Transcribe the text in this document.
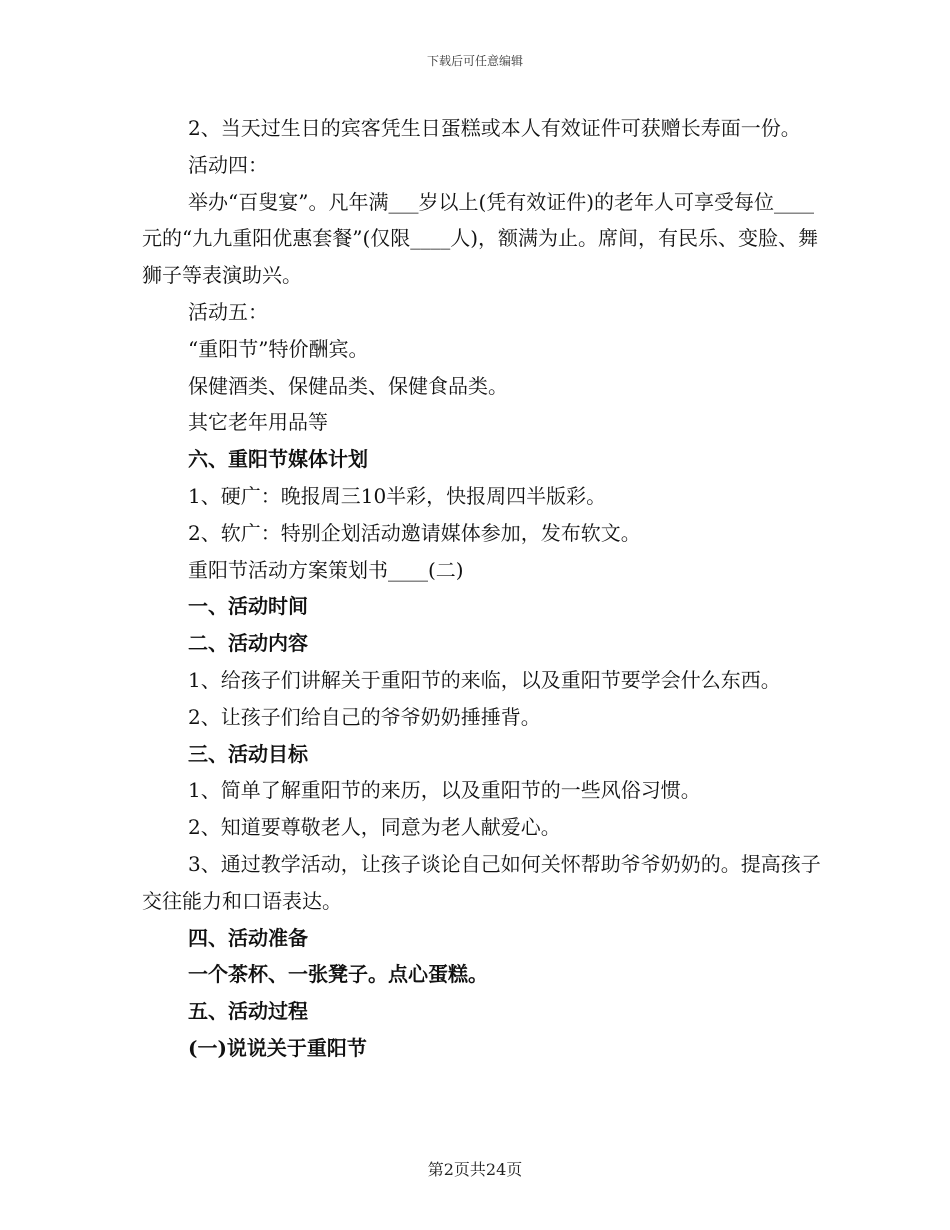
下载后可任意编辑

2、当天过生日的宾客凭生日蛋糕或本人有效证件可获赠长寿面一份。

活动四：

举办“百叟宴”。凡年满___岁以上(凭有效证件)的老年人可享受每位____元的“九九重阳优惠套餐”(仅限____人)，额满为止。席间，有民乐、变脸、舞狮子等表演助兴。

活动五：

“重阳节”特价酬宾。

保健酒类、保健品类、保健食品类。

其它老年用品等

六、重阳节媒体计划

1、硬广：晚报周三10半彩，快报周四半版彩。

2、软广：特别企划活动邀请媒体参加，发布软文。

重阳节活动方案策划书____(二)

一、活动时间

二、活动内容

1、给孩子们讲解关于重阳节的来临，以及重阳节要学会什么东西。

2、让孩子们给自己的爷爷奶奶捶捶背。

三、活动目标

1、简单了解重阳节的来历，以及重阳节的一些风俗习惯。

2、知道要尊敬老人，同意为老人献爱心。

3、通过教学活动，让孩子谈论自己如何关怀帮助爷爷奶奶的。提高孩子交往能力和口语表达。

四、活动准备

一个茶杯、一张凳子。点心蛋糕。

五、活动过程

(一)说说关于重阳节

第2页共24页
